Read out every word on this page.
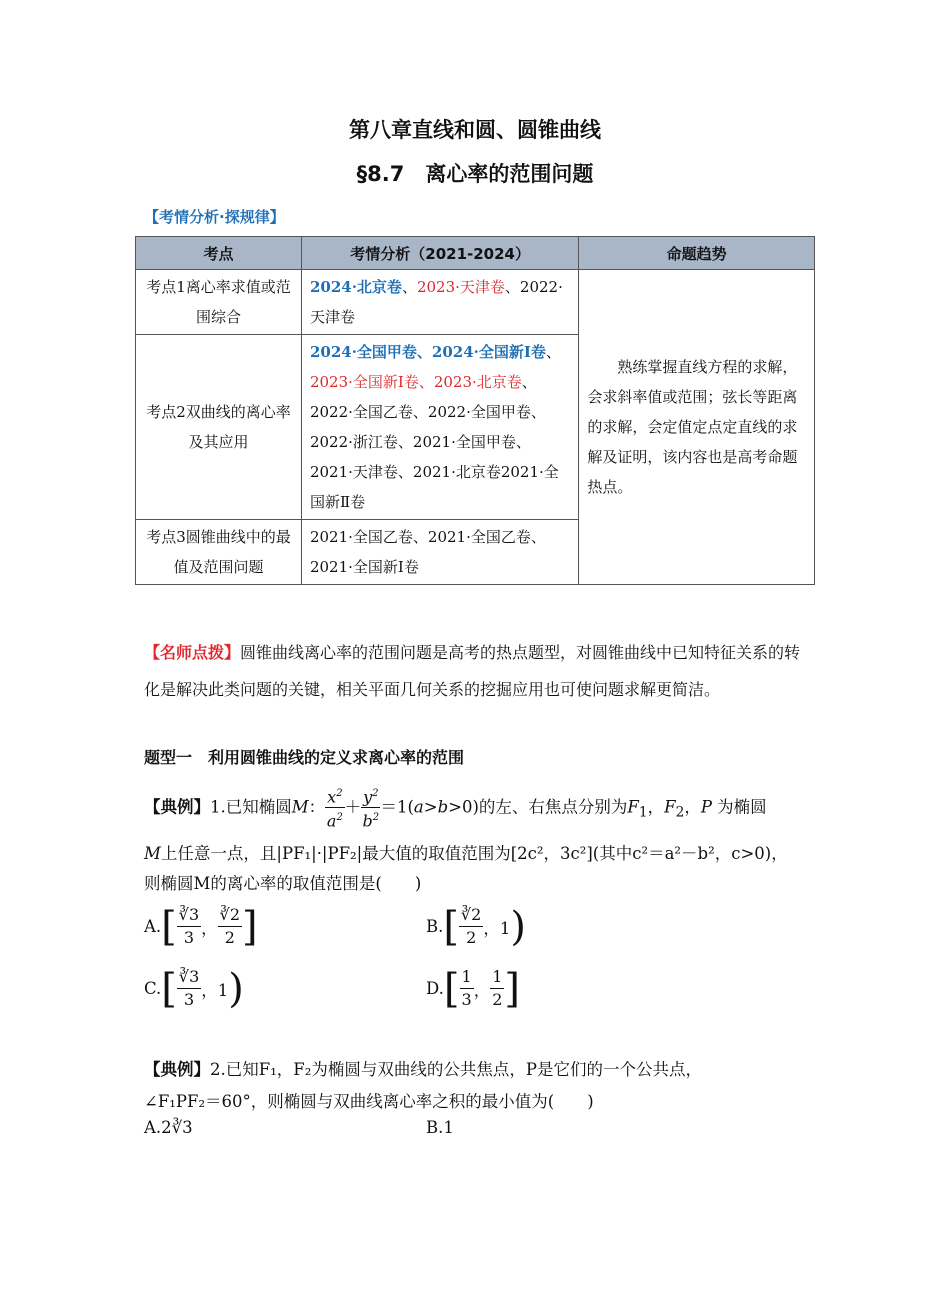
第八章直线和圆、圆锥曲线
§8.7　离心率的范围问题
【考情分析·探规律】
考点	考情分析（2021-2024）	命题趋势
考点1离心率求值或范围综合	2024·北京卷、2023·天津卷、2022·天津卷	熟练掌握直线方程的求解，会求斜率值或范围；弦长等距离的求解，会定值定点定直线的求解及证明，该内容也是高考命题热点。
考点2双曲线的离心率及其应用	2024·全国甲卷、2024·全国新Ⅰ卷、2023·全国新Ⅰ卷、2023·北京卷、2022·全国乙卷、2022·全国甲卷、2022·浙江卷、2021·全国甲卷、2021·天津卷、2021·北京卷2021·全国新Ⅱ卷	
考点3圆锥曲线中的最值及范围问题	2021·全国乙卷、2021·全国乙卷、2021·全国新Ⅰ卷	
【名师点拨】圆锥曲线离心率的范围问题是高考的热点题型，对圆锥曲线中已知特征关系的转化是解决此类问题的关键，相关平面几何关系的挖掘应用也可使问题求解更简洁。
题型一　利用圆锥曲线的定义求离心率的范围
【典例】1.已知椭圆M： $\frac{x^2}{a^2} + \frac{y^2}{b^2} =1(a>b>0)$的左、右焦点分别为$F_1$，$F_2$，P 为椭圆
M上任意一点，且|PF₁|·|PF₂|最大值的取值范围为[2c²，3c²](其中c²＝a²－b²，c>0)，
则椭圆M的离心率的取值范围是(　　)
A. [ ∛3
3 ，
∛2
2 ]	B. [ ∛2
2 ，1 )
C. [ ∛3
3 ，1 )	D. [ 1
3 ，
1
2 ]
【典例】2.已知F₁，F₂为椭圆与双曲线的公共焦点，P是它们的一个公共点，
∠F₁PF₂＝60°，则椭圆与双曲线离心率之积的最小值为(　　)
A.2∛3	B.1
